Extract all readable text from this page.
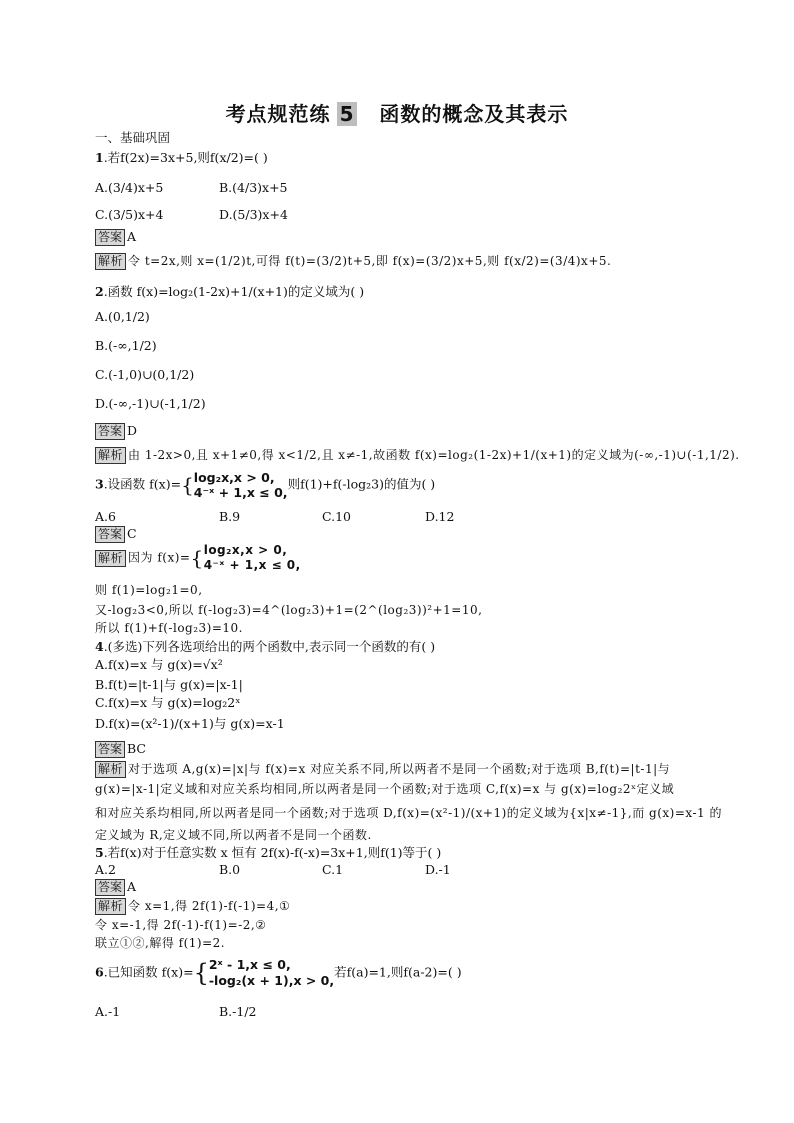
考点规范练 5 函数的概念及其表示
一、基础巩固
1.若f(2x)=3x+5,则f(x/2)=( )
A.(3/4)x+5	B.(4/3)x+5
C.(3/5)x+4	D.(5/3)x+4
答案 A
解析 令 t=2x,则 x=(1/2)t,可得 f(t)=(3/2)t+5,即 f(x)=(3/2)x+5,则 f(x/2)=(3/4)x+5.
2.函数 f(x)=log₂(1-2x)+1/(x+1)的定义域为( )
A.(0,1/2)
B.(-∞,1/2)
C.(-1,0)∪(0,1/2)
D.(-∞,-1)∪(-1,1/2)
答案 D
解析 由 1-2x>0,且 x+1≠0,得 x<1/2,且 x≠-1,故函数 f(x)=log₂(1-2x)+1/(x+1)的定义域为(-∞,-1)∪(-1,1/2).
3.设函数 f(x)={log₂x,x > 0,
4⁻ˣ + 1,x ≤ 0,则f(1)+f(-log₂3)的值为( )
A.6	B.9	C.10	D.12
答案 C
解析 因为 f(x)={log₂x,x > 0,
4⁻ˣ + 1,x ≤ 0,
则 f(1)=log₂1=0,
又-log₂3<0,所以 f(-log₂3)=4^(log₂3)+1=(2^(log₂3))²+1=10,
所以 f(1)+f(-log₂3)=10.
4.(多选)下列各选项给出的两个函数中,表示同一个函数的有( )
A.f(x)=x 与 g(x)=√x²
B.f(t)=|t-1|与 g(x)=|x-1|
C.f(x)=x 与 g(x)=log₂2ˣ
D.f(x)=(x²-1)/(x+1)与 g(x)=x-1
答案 BC
解析 对于选项 A,g(x)=|x|与 f(x)=x 对应关系不同,所以两者不是同一个函数;对于选项 B,f(t)=|t-1|与
g(x)=|x-1|定义域和对应关系均相同,所以两者是同一个函数;对于选项 C,f(x)=x 与 g(x)=log₂2ˣ定义域
和对应关系均相同,所以两者是同一个函数;对于选项 D,f(x)=(x²-1)/(x+1)的定义域为{x|x≠-1},而 g(x)=x-1 的
定义域为 R,定义域不同,所以两者不是同一个函数.
5.若f(x)对于任意实数 x 恒有 2f(x)-f(-x)=3x+1,则f(1)等于( )
A.2	B.0	C.1	D.-1
答案 A
解析 令 x=1,得 2f(1)-f(-1)=4,①
令 x=-1,得 2f(-1)-f(1)=-2,②
联立①②,解得 f(1)=2.
6.已知函数 f(x)={2ˣ - 1,x ≤ 0,
-log₂(x + 1),x > 0,若f(a)=1,则f(a-2)=( )
A.-1	B.-1/2
